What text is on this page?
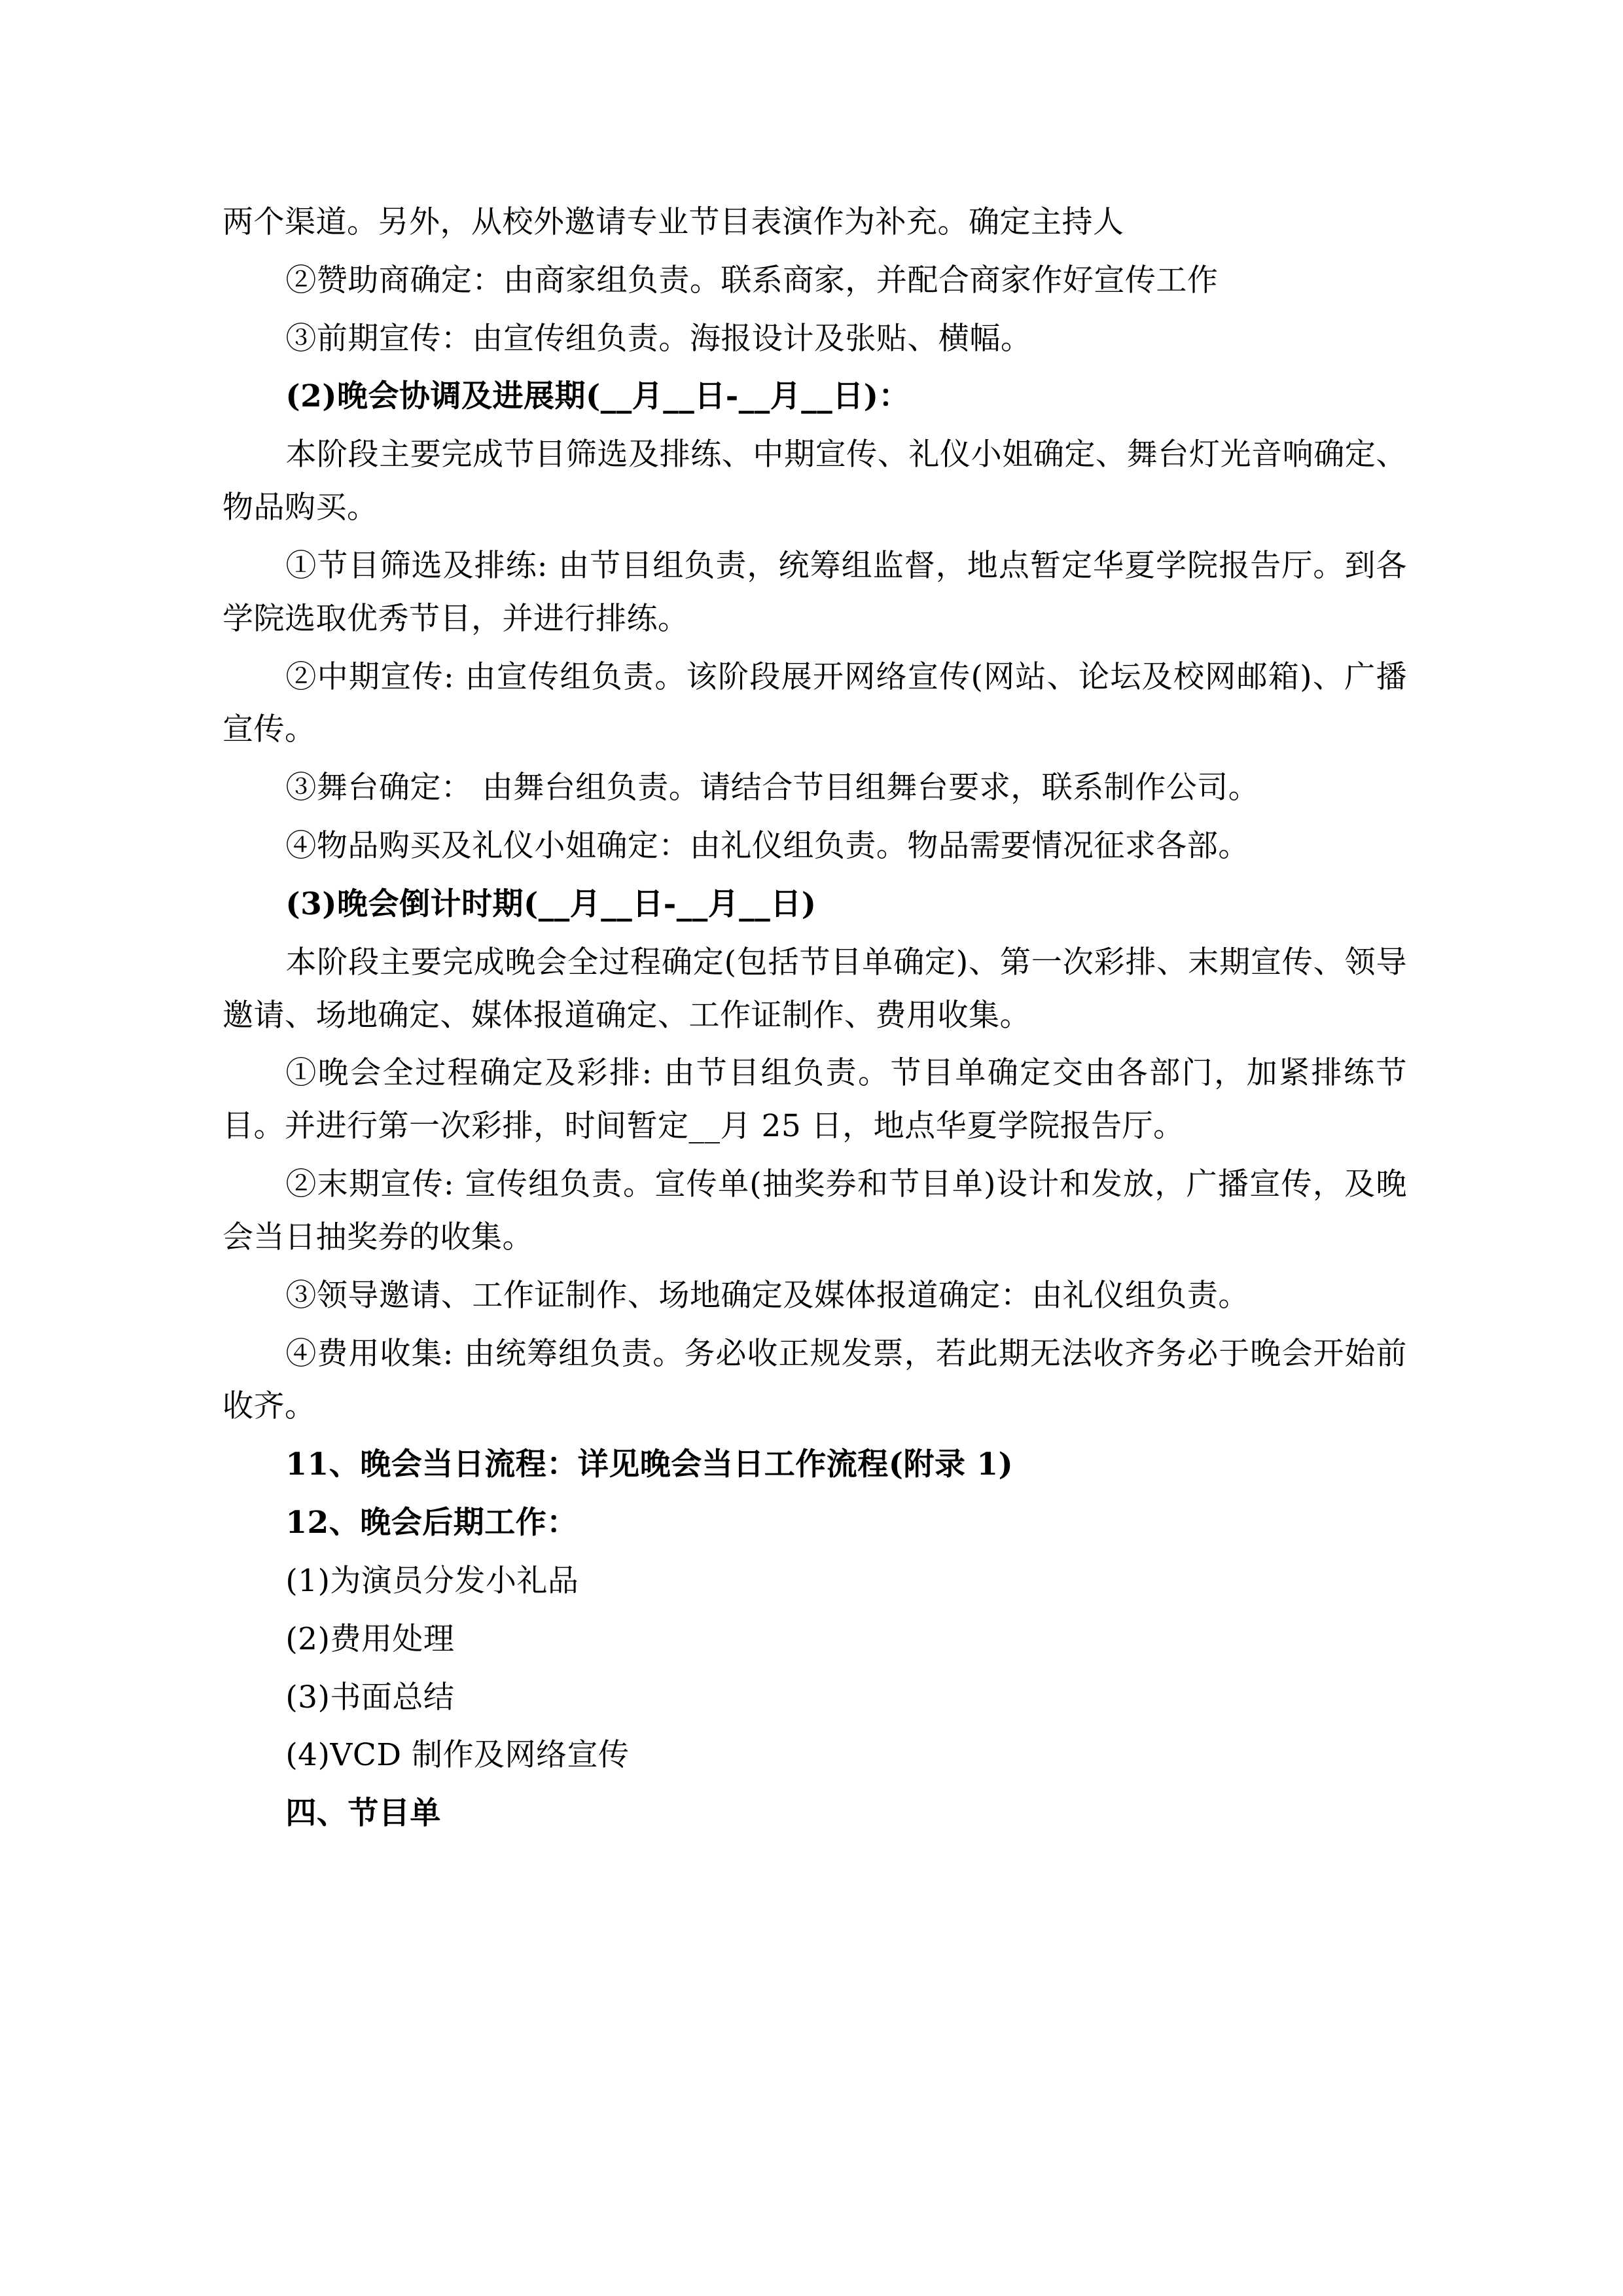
两个渠道。另外，从校外邀请专业节目表演作为补充。确定主持人

②赞助商确定：由商家组负责。联系商家，并配合商家作好宣传工作

③前期宣传：由宣传组负责。海报设计及张贴、横幅。

(2)晚会协调及进展期(__月__日-__月__日)：

本阶段主要完成节目筛选及排练、中期宣传、礼仪小姐确定、舞台灯光音响确定、物品购买。

①节目筛选及排练: 由节目组负责，统筹组监督，地点暂定华夏学院报告厅。到各学院选取优秀节目，并进行排练。

②中期宣传: 由宣传组负责。该阶段展开网络宣传(网站、论坛及校网邮箱)、广播宣传。

③舞台确定： 由舞台组负责。请结合节目组舞台要求，联系制作公司。

④物品购买及礼仪小姐确定：由礼仪组负责。物品需要情况征求各部。

(3)晚会倒计时期(__月__日-__月__日)

本阶段主要完成晚会全过程确定(包括节目单确定)、第一次彩排、末期宣传、领导邀请、场地确定、媒体报道确定、工作证制作、费用收集。

①晚会全过程确定及彩排: 由节目组负责。节目单确定交由各部门，加紧排练节目。并进行第一次彩排，时间暂定__月 25 日，地点华夏学院报告厅。

②末期宣传: 宣传组负责。宣传单(抽奖券和节目单)设计和发放，广播宣传，及晚会当日抽奖券的收集。

③领导邀请、工作证制作、场地确定及媒体报道确定：由礼仪组负责。

④费用收集: 由统筹组负责。务必收正规发票，若此期无法收齐务必于晚会开始前收齐。

11、晚会当日流程：详见晚会当日工作流程(附录 1)

12、晚会后期工作：

(1)为演员分发小礼品

(2)费用处理

(3)书面总结

(4)VCD 制作及网络宣传

四、节目单
